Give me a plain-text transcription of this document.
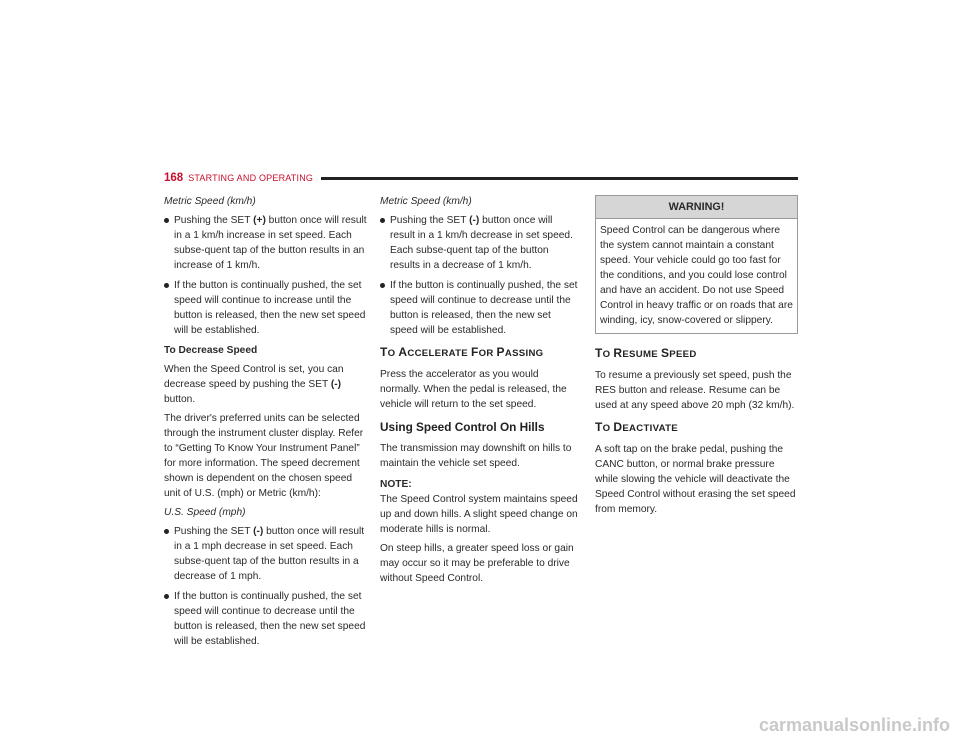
168 STARTING AND OPERATING

Metric Speed (km/h)

Pushing the SET (+) button once will result in a 1 km/h increase in set speed. Each subse-quent tap of the button results in an increase of 1 km/h.
If the button is continually pushed, the set speed will continue to increase until the button is released, then the new set speed will be established.

To Decrease Speed

When the Speed Control is set, you can decrease speed by pushing the SET (-) button.

The driver's preferred units can be selected through the instrument cluster display. Refer to “Getting To Know Your Instrument Panel” for more information. The speed decrement shown is dependent on the chosen speed unit of U.S. (mph) or Metric (km/h):

U.S. Speed (mph)

Pushing the SET (-) button once will result in a 1 mph decrease in set speed. Each subse-quent tap of the button results in a decrease of 1 mph.
If the button is continually pushed, the set speed will continue to decrease until the button is released, then the new set speed will be established.

Metric Speed (km/h)

Pushing the SET (-) button once will result in a 1 km/h decrease in set speed. Each subse-quent tap of the button results in a decrease of 1 km/h.
If the button is continually pushed, the set speed will continue to decrease until the button is released, then the new set speed will be established.
TO ACCELERATE FOR PASSING

Press the accelerator as you would normally. When the pedal is released, the vehicle will return to the set speed.

Using Speed Control On Hills

The transmission may downshift on hills to maintain the vehicle set speed.

NOTE:

The Speed Control system maintains speed up and down hills. A slight speed change on moderate hills is normal.

On steep hills, a greater speed loss or gain may occur so it may be preferable to drive without Speed Control.

WARNING!
Speed Control can be dangerous where the system cannot maintain a constant speed. Your vehicle could go too fast for the conditions, and you could lose control and have an accident. Do not use Speed Control in heavy traffic or on roads that are winding, icy, snow-covered or slippery.
TO RESUME SPEED

To resume a previously set speed, push the RES button and release. Resume can be used at any speed above 20 mph (32 km/h).

TO DEACTIVATE

A soft tap on the brake pedal, pushing the CANC button, or normal brake pressure while slowing the vehicle will deactivate the Speed Control without erasing the set speed from memory.

carmanualsonline.info
